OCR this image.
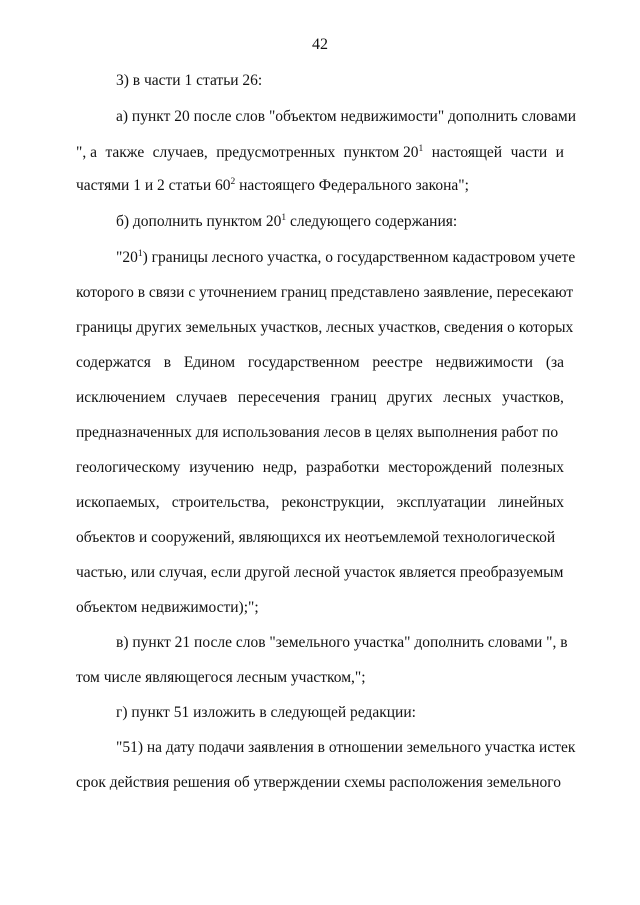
42
3) в части 1 статьи 26:
а) пункт 20 после слов "объектом недвижимости" дополнить словами
", а также случаев, предусмотренных пунктом $20^1$ настоящей части и
частями 1 и 2 статьи $60^2$ настоящего Федерального закона";
б) дополнить пунктом $20^1$ следующего содержания:
"$20^1$) границы лесного участка, о государственном кадастровом учете
которого в связи с уточнением границ представлено заявление, пересекают
границы других земельных участков, лесных участков, сведения о которых
содержатся в Едином государственном реестре недвижимости (за
исключением случаев пересечения границ других лесных участков,
предназначенных для использования лесов в целях выполнения работ по
геологическому изучению недр, разработки месторождений полезных
ископаемых, строительства, реконструкции, эксплуатации линейных
объектов и сооружений, являющихся их неотъемлемой технологической
частью, или случая, если другой лесной участок является преобразуемым
объектом недвижимости);";
в) пункт 21 после слов "земельного участка" дополнить словами ", в
том числе являющегося лесным участком,";
г) пункт 51 изложить в следующей редакции:
"51) на дату подачи заявления в отношении земельного участка истек
срок действия решения об утверждении схемы расположения земельного
